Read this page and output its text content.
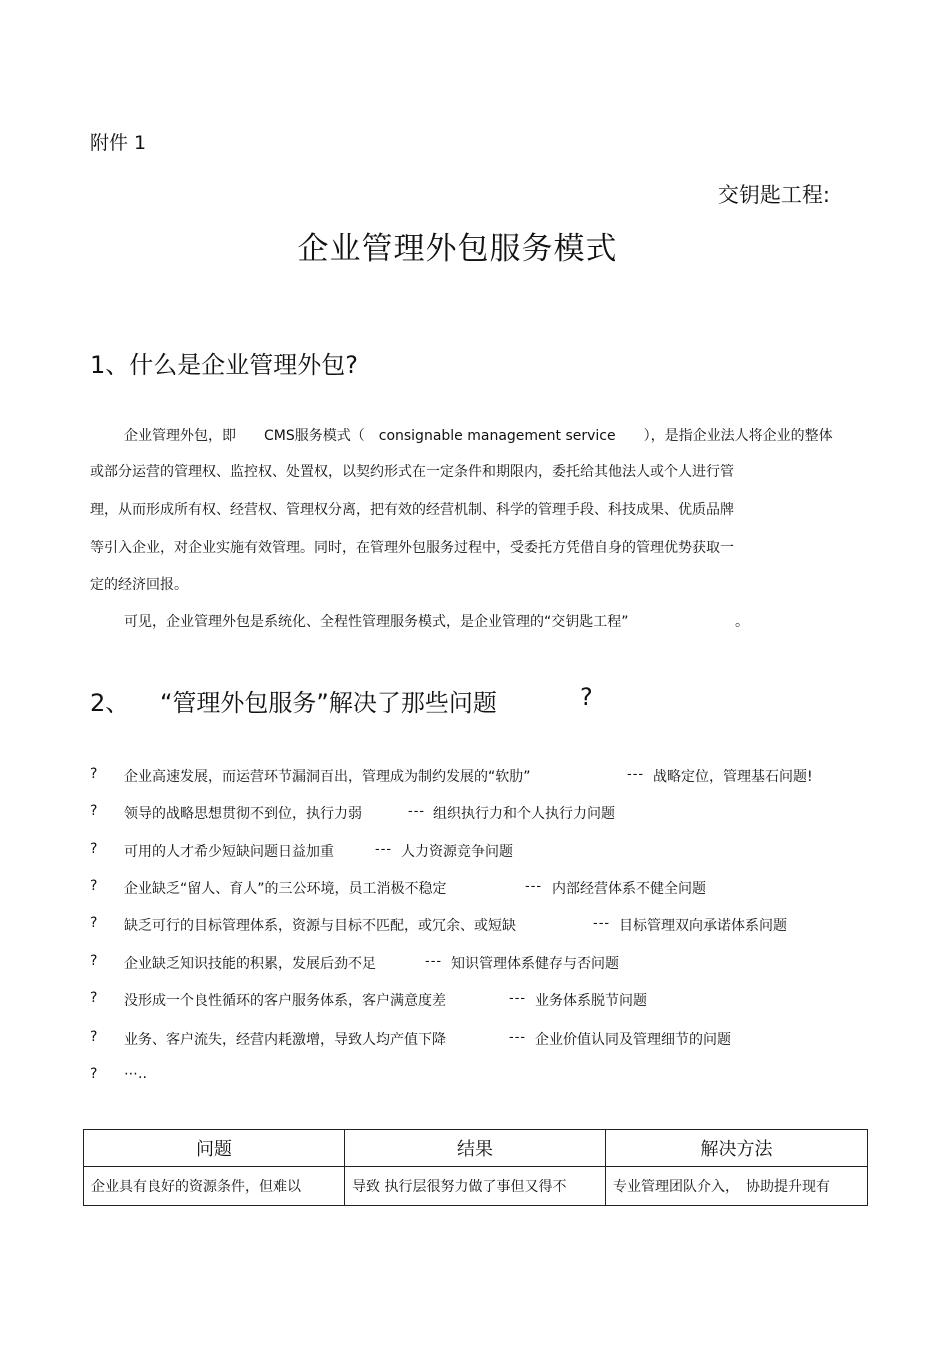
附件 1
交钥匙工程:
企业管理外包服务模式
1、什么是企业管理外包?
企业管理外包，即　　CMS服务模式（　consignable management service　　），是指企业法人将企业的整体
或部分运营的管理权、监控权、处置权，以契约形式在一定条件和期限内，委托给其他法人或个人进行管
理，从而形成所有权、经营权、管理权分离，把有效的经营机制、科学的管理手段、科技成果、优质品牌
等引入企业，对企业实施有效管理。同时，在管理外包服务过程中，受委托方凭借自身的管理优势获取一
定的经济回报。
可见，企业管理外包是系统化、全程性管理服务模式，是企业管理的“交钥匙工程”	。
2、 “管理外包服务”解决了那些问题	?
? 企业高速发展，而运营环节漏洞百出，管理成为制约发展的“软肋”	--- 战略定位，管理基石问题!
? 领导的战略思想贯彻不到位，执行力弱	--- 组织执行力和个人执行力问题
? 可用的人才希少短缺问题日益加重	--- 人力资源竞争问题
? 企业缺乏“留人、育人”的三公环境，员工消极不稳定	--- 内部经营体系不健全问题
? 缺乏可行的目标管理体系，资源与目标不匹配，或冗余、或短缺	--- 目标管理双向承诺体系问题
? 企业缺乏知识技能的积累，发展后劲不足	--- 知识管理体系健存与否问题
? 没形成一个良性循环的客户服务体系，客户满意度差	--- 业务体系脱节问题
? 业务、客户流失，经营内耗激增，导致人均产值下降	--- 企业价值认同及管理细节的问题
? ⋯..
问题	结果	解决方法
企业具有良好的资源条件，但难以	导致 执行层很努力做了事但又得不	专业管理团队介入，　协助提升现有
